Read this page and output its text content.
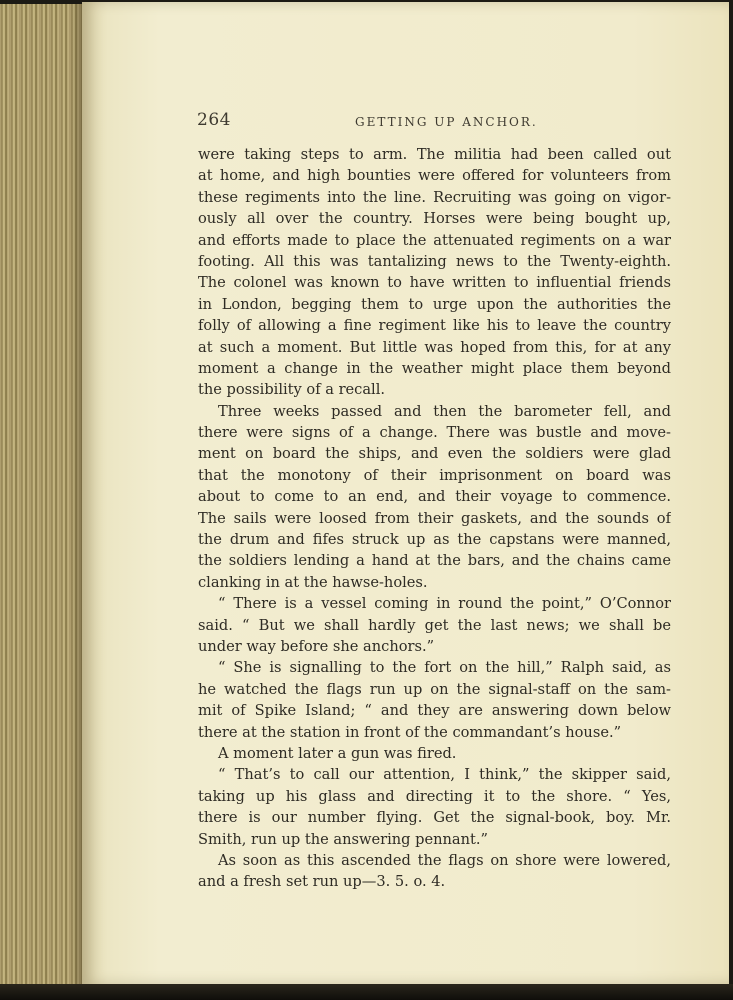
264	GETTING UP ANCHOR.
were taking steps to arm. The militia had been called out
at home, and high bounties were offered for volunteers from
these regiments into the line. Recruiting was going on vigor-
ously all over the country. Horses were being bought up,
and efforts made to place the attenuated regiments on a war
footing. All this was tantalizing news to the Twenty-eighth.
The colonel was known to have written to influential friends
in London, begging them to urge upon the authorities the
folly of allowing a fine regiment like his to leave the country
at such a moment. But little was hoped from this, for at any
moment a change in the weather might place them beyond
the possibility of a recall.
Three weeks passed and then the barometer fell, and
there were signs of a change. There was bustle and move-
ment on board the ships, and even the soldiers were glad
that the monotony of their imprisonment on board was
about to come to an end, and their voyage to commence.
The sails were loosed from their gaskets, and the sounds of
the drum and fifes struck up as the capstans were manned,
the soldiers lending a hand at the bars, and the chains came
clanking in at the hawse-holes.
“ There is a vessel coming in round the point,” O’Connor
said. “ But we shall hardly get the last news; we shall be
under way before she anchors.”
“ She is signalling to the fort on the hill,” Ralph said, as
he watched the flags run up on the signal-staff on the sam-
mit of Spike Island; “ and they are answering down below
there at the station in front of the commandant’s house.”
A moment later a gun was fired.
“ That’s to call our attention, I think,” the skipper said,
taking up his glass and directing it to the shore. “ Yes,
there is our number flying. Get the signal-book, boy. Mr.
Smith, run up the answering pennant.”
As soon as this ascended the flags on shore were lowered,
and a fresh set run up—3. 5. o. 4.
